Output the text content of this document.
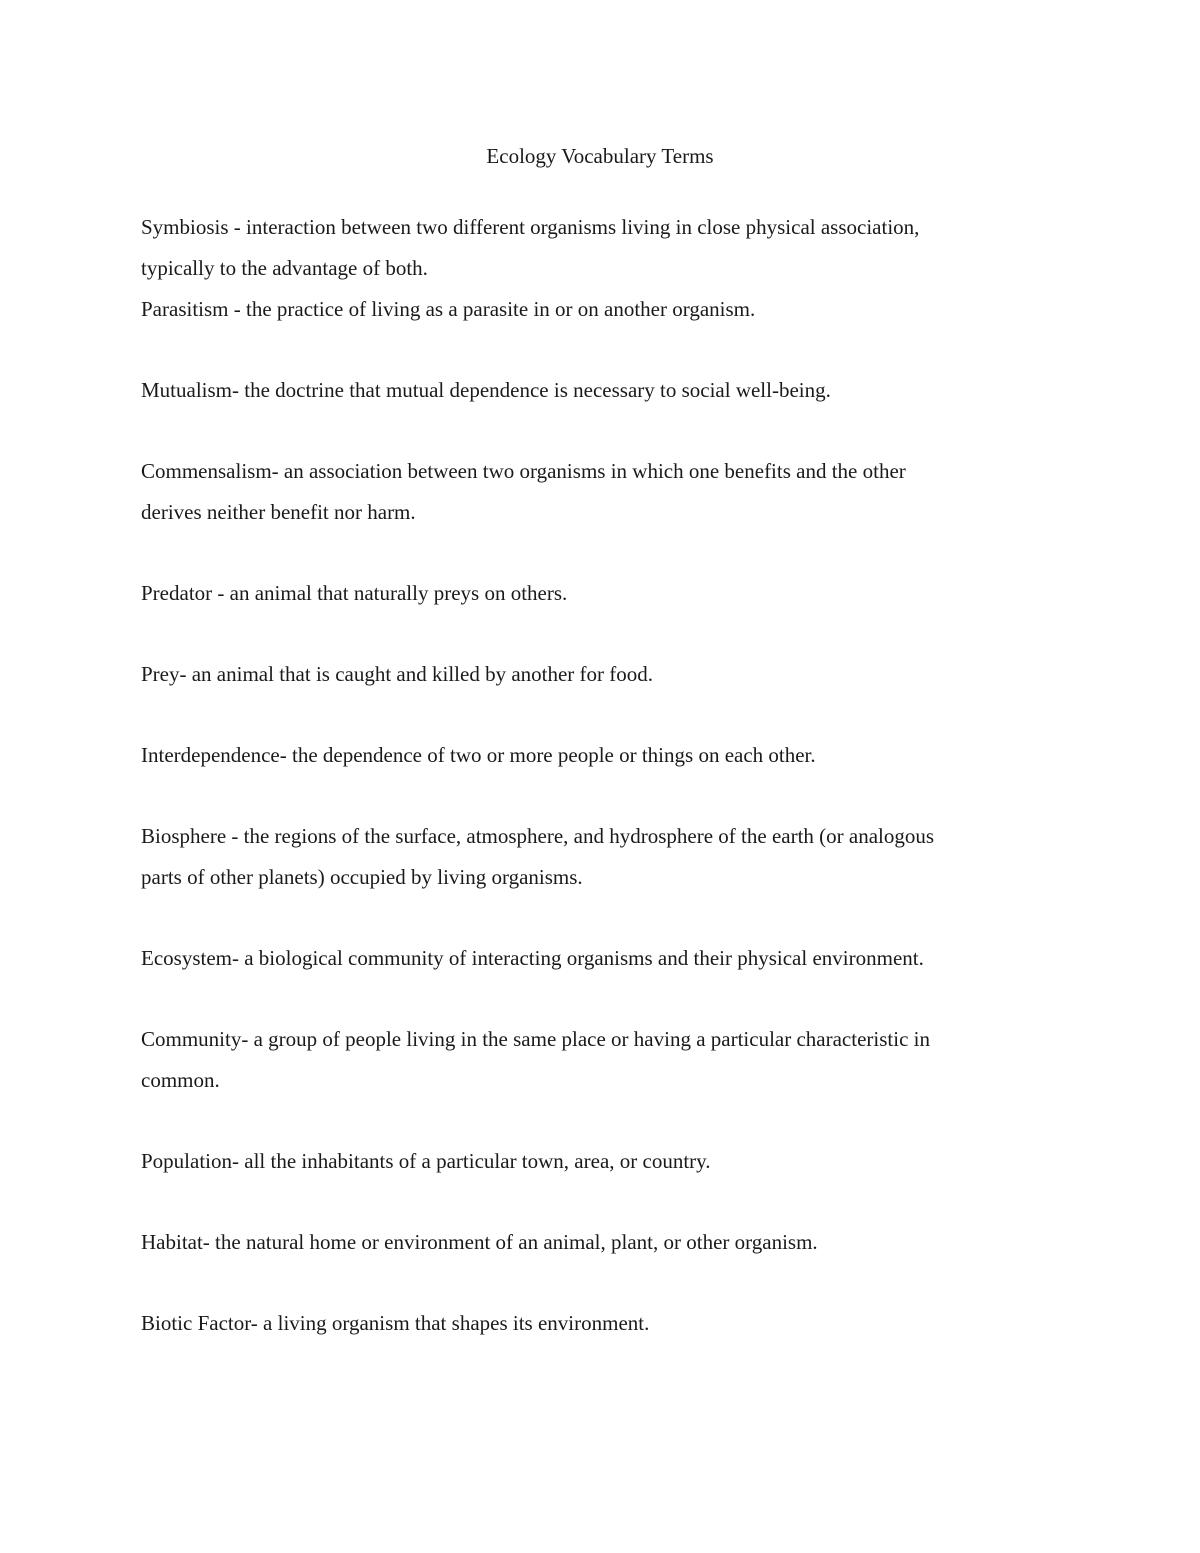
Ecology Vocabulary Terms

Symbiosis - interaction between two different organisms living in close physical association,
typically to the advantage of both.

Parasitism - the practice of living as a parasite in or on another organism.

Mutualism- the doctrine that mutual dependence is necessary to social well-being.

Commensalism- an association between two organisms in which one benefits and the other
derives neither benefit nor harm.

Predator - an animal that naturally preys on others.

Prey- an animal that is caught and killed by another for food.

Interdependence- the dependence of two or more people or things on each other.

Biosphere - the regions of the surface, atmosphere, and hydrosphere of the earth (or analogous
parts of other planets) occupied by living organisms.

Ecosystem- a biological community of interacting organisms and their physical environment.

Community- a group of people living in the same place or having a particular characteristic in
common.

Population- all the inhabitants of a particular town, area, or country.

Habitat- the natural home or environment of an animal, plant, or other organism.

Biotic Factor- a living organism that shapes its environment.
